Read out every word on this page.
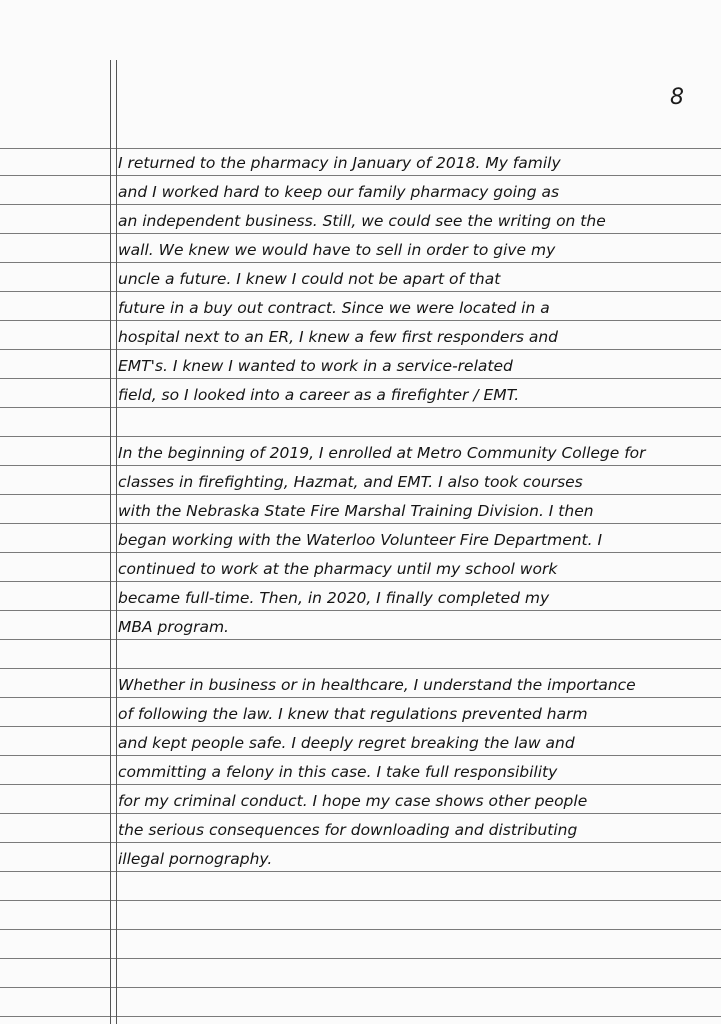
8
I returned to the pharmacy in January of 2018. My family
and I worked hard to keep our family pharmacy going as
an independent business. Still, we could see the writing on the
wall. We knew we would have to sell in order to give my
uncle a future. I knew I could not be apart of that
future in a buy out contract. Since we were located in a
hospital next to an ER, I knew a few first responders and
EMT's. I knew I wanted to work in a service-related
field, so I looked into a career as a firefighter / EMT.
In the beginning of 2019, I enrolled at Metro Community College for
classes in firefighting, Hazmat, and EMT. I also took courses
with the Nebraska State Fire Marshal Training Division. I then
began working with the Waterloo Volunteer Fire Department. I
continued to work at the pharmacy until my school work
became full-time. Then, in 2020, I finally completed my
MBA program.
Whether in business or in healthcare, I understand the importance
of following the law. I knew that regulations prevented harm
and kept people safe. I deeply regret breaking the law and
committing a felony in this case. I take full responsibility
for my criminal conduct. I hope my case shows other people
the serious consequences for downloading and distributing
illegal pornography.
